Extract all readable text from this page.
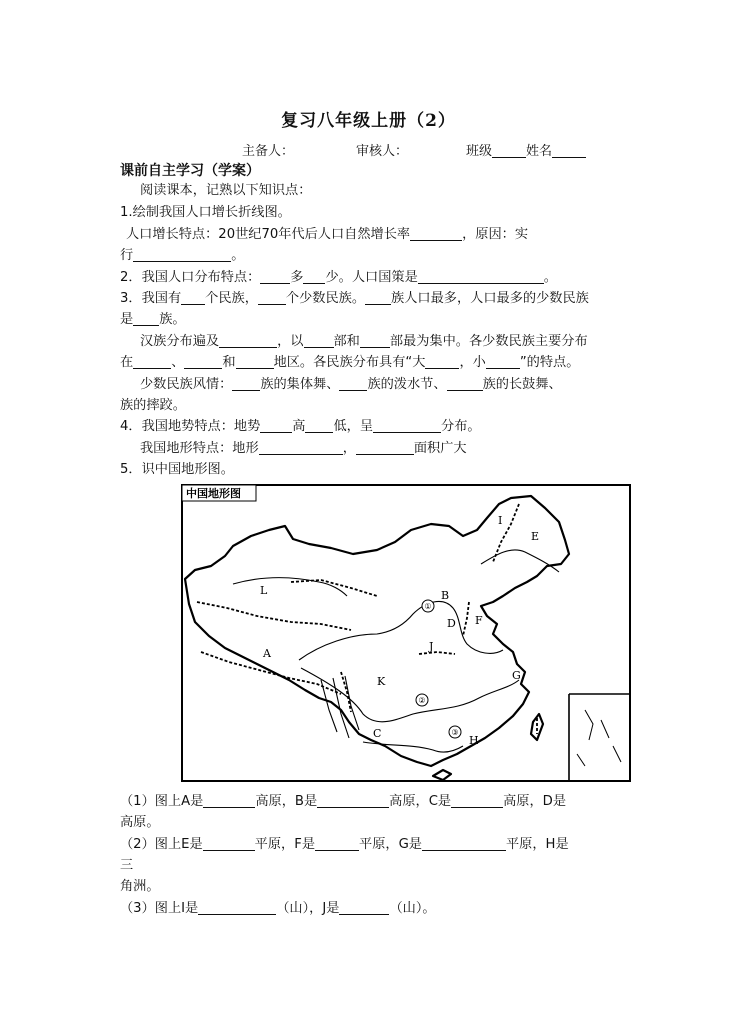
复习八年级上册（2）
主备人：	审核人：	班级	姓名
课前自主学习（学案）
阅读课本，记熟以下知识点：
1.绘制我国人口增长折线图。
人口增长特点：20世纪70年代后人口自然增长率	，原因：实
行	。
2．我国人口分布特点： 多 少。人口国策是	。
3．我国有 个民族， 个少数民族。 族人口最多，人口最多的少数民族
是 族。
汉族分布遍及	，以 部和 部最为集中。各少数民族主要分布
在	、	和	地区。各民族分布具有“大	，小	”的特点。
少数民族风情： 族的集体舞、 族的泼水节、	族的长鼓舞、
族的摔跤。
4．我国地势特点：地势 高 低，呈	分布。
我国地形特点：地形	，	面积广大
5．识中国地形图。
中国地形图
L
A
B
C
D
E
F
G
H
I
J
K
①
②
③
（1）图上A是	高原，B是	高原，C是	高原，D是
高原。
（2）图上E是	平原，F是	平原，G是	平原，H是
三
角洲。
（3）图上I是	（山），J是	（山）。
